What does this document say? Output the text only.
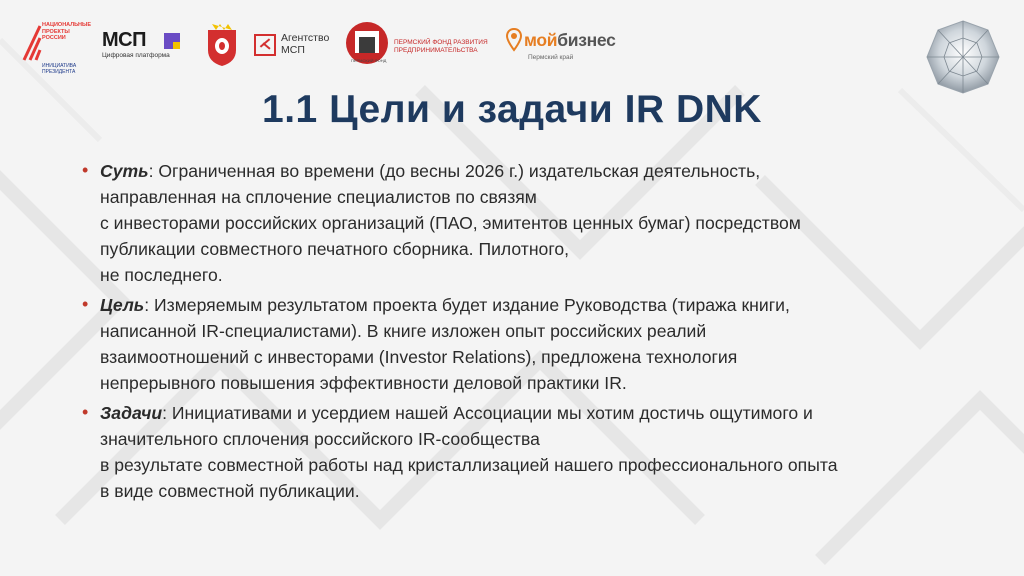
НАЦИОНАЛЬНЫЕ
ПРОЕКТЫ
РОССИИ
ИНИЦИАТИВА
ПРЕЗИДЕНТА
МСП
Цифровая платформа
Агентство
МСП
ПЕРМСКИЙ ФОНД
ПЕРМСКИЙ ФОНД РАЗВИТИЯ
ПРЕДПРИНИМАТЕЛЬСТВА
мойбизнес
Пермский край
1.1 Цели и задачи IR DNK
• Суть: Ограниченная во времени (до весны 2026 г.) издательская деятельность,
направленная на сплочение специалистов по связям
с инвесторами российских организаций (ПАО, эмитентов ценных бумаг) посредством
публикации совместного печатного сборника. Пилотного,
не последнего.
• Цель: Измеряемым результатом проекта будет издание Руководства (тиража книги,
написанной IR-специалистами). В книге изложен опыт российских реалий
взаимоотношений с инвесторами (Investor Relations), предложена технология
непрерывного повышения эффективности деловой практики IR.
• Задачи: Инициативами и усердием нашей Ассоциации мы хотим достичь ощутимого и
значительного сплочения российского IR-сообщества
в результате совместной работы над кристаллизацией нашего профессионального опыта
в виде совместной публикации.
